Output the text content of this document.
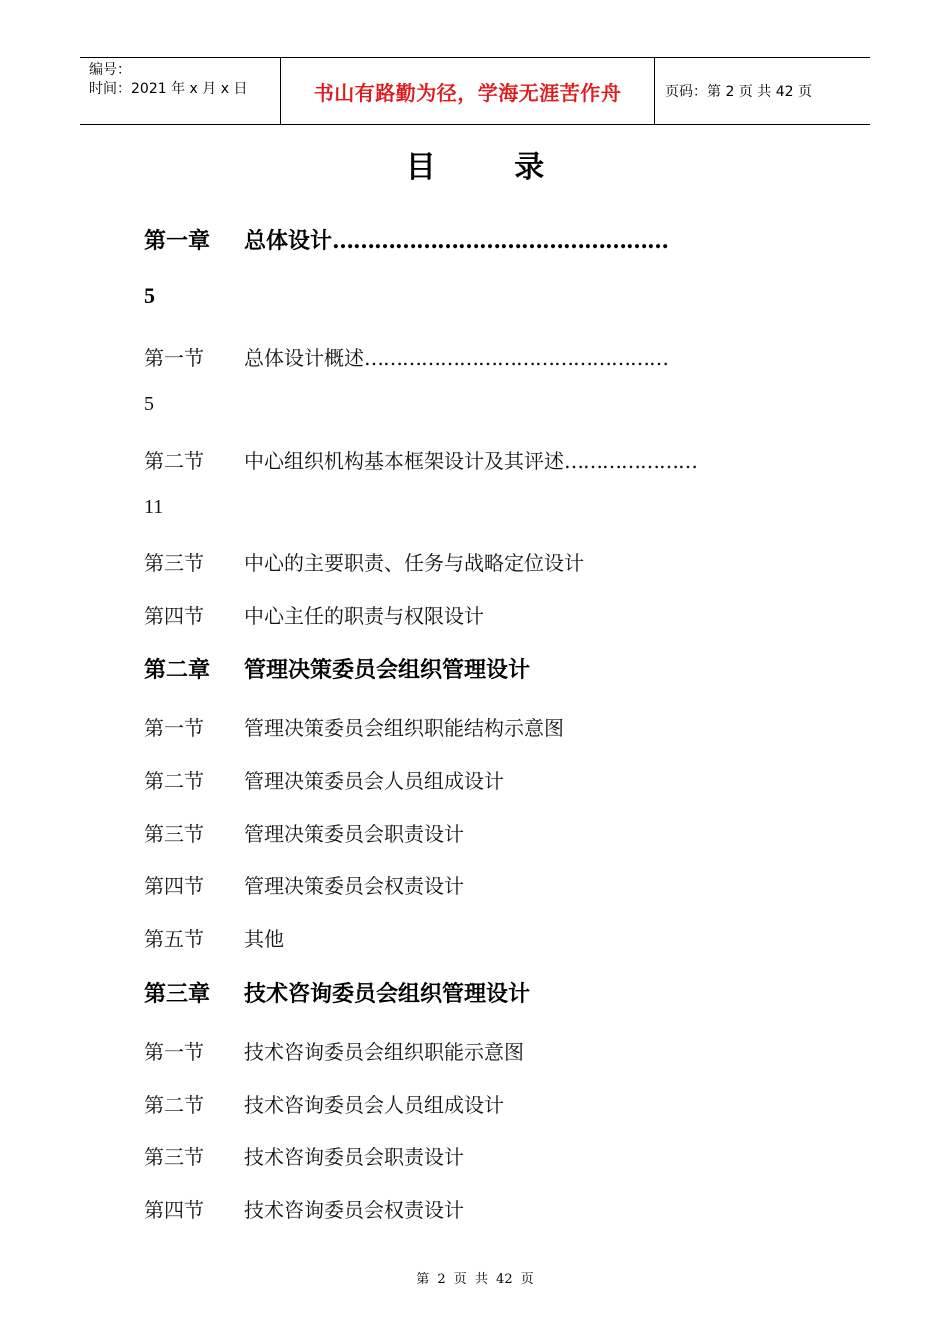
编号：
时间：2021 年 x 月 x 日	书山有路勤为径，学海无涯苦作舟	页码：第 2 页 共 42 页
目 录
第一章 总体设计…………………………………………
5
第一节 总体设计概述…………………………………………
5
第二节 中心组织机构基本框架设计及其评述…………………
11
第三节 中心的主要职责、任务与战略定位设计
第四节 中心主任的职责与权限设计
第二章 管理决策委员会组织管理设计
第一节 管理决策委员会组织职能结构示意图
第二节 管理决策委员会人员组成设计
第三节 管理决策委员会职责设计
第四节 管理决策委员会权责设计
第五节 其他
第三章 技术咨询委员会组织管理设计
第一节 技术咨询委员会组织职能示意图
第二节 技术咨询委员会人员组成设计
第三节 技术咨询委员会职责设计
第四节 技术咨询委员会权责设计
第 2 页 共 42 页
